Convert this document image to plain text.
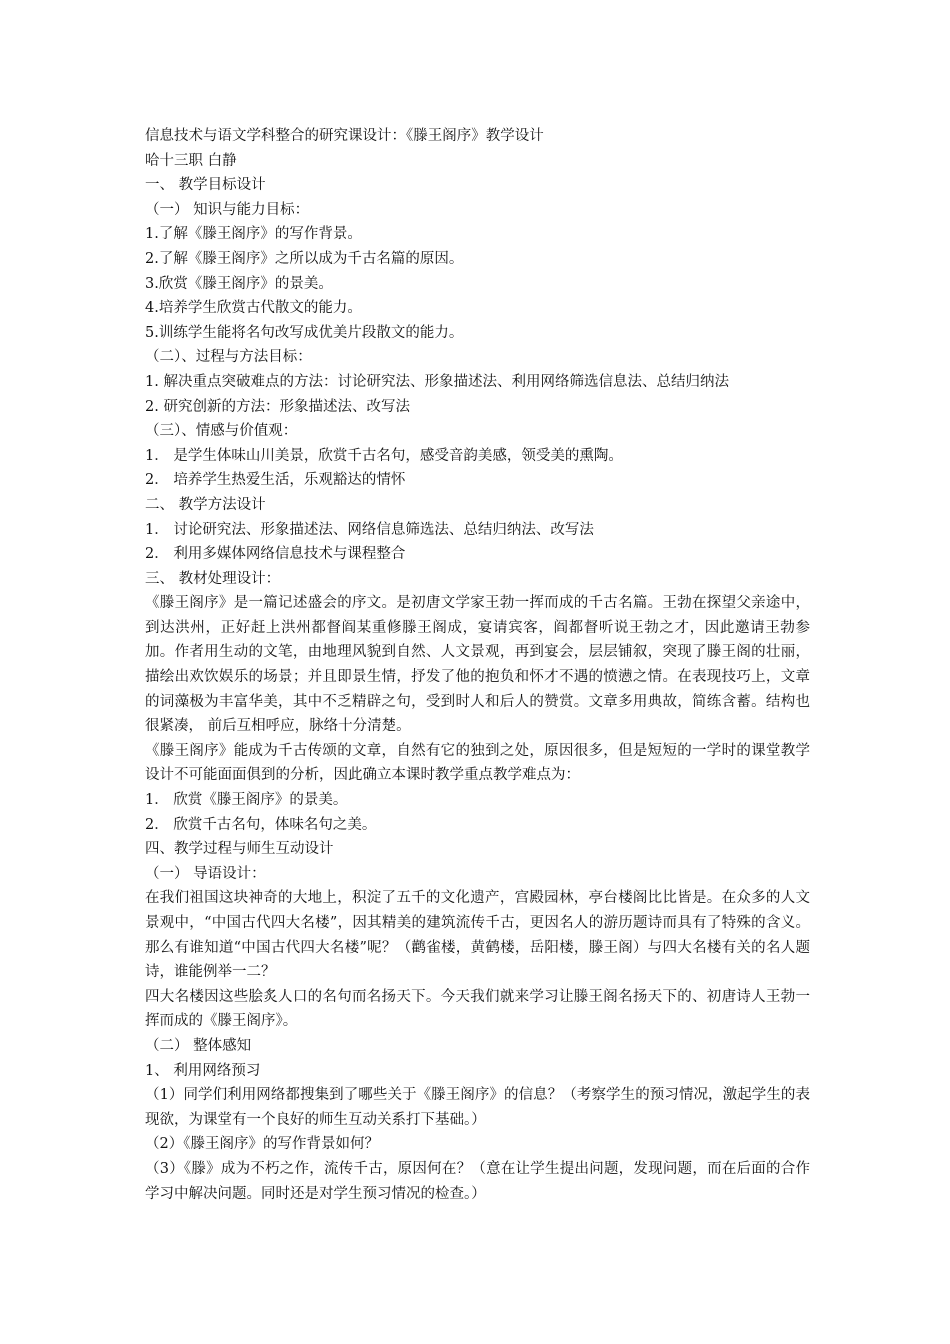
信息技术与语文学科整合的研究课设计：《滕王阁序》教学设计
哈十三职 白静
一、 教学目标设计
（一） 知识与能力目标：
1.了解《滕王阁序》的写作背景。
2.了解《滕王阁序》之所以成为千古名篇的原因。
3.欣赏《滕王阁序》的景美。
4.培养学生欣赏古代散文的能力。
5.训练学生能将名句改写成优美片段散文的能力。
（二）、过程与方法目标：
1. 解决重点突破难点的方法：讨论研究法、形象描述法、利用网络筛选信息法、总结归纳法
2. 研究创新的方法：形象描述法、改写法
（三）、情感与价值观：
1． 是学生体味山川美景，欣赏千古名句，感受音韵美感，领受美的熏陶。
2． 培养学生热爱生活，乐观豁达的情怀
二、 教学方法设计
1． 讨论研究法、形象描述法、网络信息筛选法、总结归纳法、改写法
2． 利用多媒体网络信息技术与课程整合
三、 教材处理设计：
《滕王阁序》是一篇记述盛会的序文。是初唐文学家王勃一挥而成的千古名篇。王勃在探望父亲途中，到达洪州，正好赶上洪州都督阎某重修滕王阁成，宴请宾客，阎都督听说王勃之才，因此邀请王勃参加。作者用生动的文笔，由地理风貌到自然、人文景观，再到宴会，层层铺叙，突现了滕王阁的壮丽，描绘出欢饮娱乐的场景；并且即景生情，抒发了他的抱负和怀才不遇的愤懑之情。在表现技巧上，文章的词藻极为丰富华美，其中不乏精辟之句，受到时人和后人的赞赏。文章多用典故，简练含蓄。结构也很紧凑， 前后互相呼应，脉络十分清楚。
《滕王阁序》能成为千古传颂的文章，自然有它的独到之处，原因很多，但是短短的一学时的课堂教学设计不可能面面俱到的分析，因此确立本课时教学重点教学难点为：
1． 欣赏《滕王阁序》的景美。
2． 欣赏千古名句，体味名句之美。
四、教学过程与师生互动设计
（一） 导语设计：
在我们祖国这块神奇的大地上，积淀了五千的文化遗产，宫殿园林，亭台楼阁比比皆是。在众多的人文景观中，“中国古代四大名楼”，因其精美的建筑流传千古，更因名人的游历题诗而具有了特殊的含义。那么有谁知道“中国古代四大名楼”呢？（鹳雀楼，黄鹤楼，岳阳楼，滕王阁）与四大名楼有关的名人题诗，谁能例举一二？
四大名楼因这些脍炙人口的名句而名扬天下。今天我们就来学习让滕王阁名扬天下的、初唐诗人王勃一挥而成的《滕王阁序》。
（二） 整体感知
1、 利用网络预习
（1）同学们利用网络都搜集到了哪些关于《滕王阁序》的信息？（考察学生的预习情况，激起学生的表现欲，为课堂有一个良好的师生互动关系打下基础。）
（2）《滕王阁序》的写作背景如何？
（3）《滕》成为不朽之作，流传千古，原因何在？（意在让学生提出问题，发现问题，而在后面的合作学习中解决问题。同时还是对学生预习情况的检查。）
